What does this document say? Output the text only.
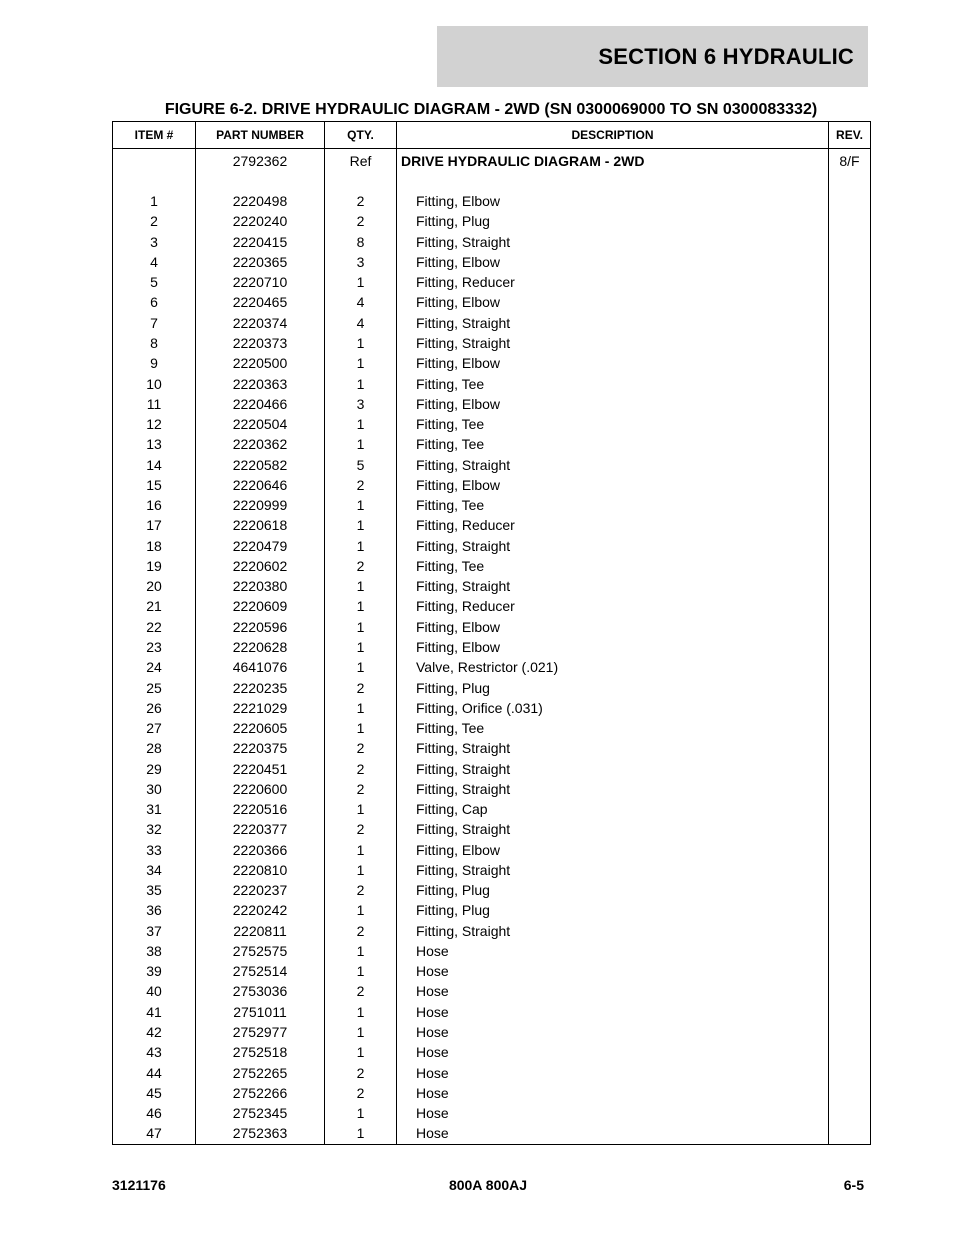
SECTION 6 HYDRAULIC
FIGURE 6-2. DRIVE HYDRAULIC DIAGRAM - 2WD (SN 0300069000 TO SN 0300083332)
ITEM #	PART NUMBER	QTY.	DESCRIPTION	REV.
	2792362	Ref	DRIVE HYDRAULIC DIAGRAM - 2WD	8/F

1	2220498	2	Fitting, Elbow	
2	2220240	2	Fitting, Plug	
3	2220415	8	Fitting, Straight	
4	2220365	3	Fitting, Elbow	
5	2220710	1	Fitting, Reducer	
6	2220465	4	Fitting, Elbow	
7	2220374	4	Fitting, Straight	
8	2220373	1	Fitting, Straight	
9	2220500	1	Fitting, Elbow	
10	2220363	1	Fitting, Tee	
11	2220466	3	Fitting, Elbow	
12	2220504	1	Fitting, Tee	
13	2220362	1	Fitting, Tee	
14	2220582	5	Fitting, Straight	
15	2220646	2	Fitting, Elbow	
16	2220999	1	Fitting, Tee	
17	2220618	1	Fitting, Reducer	
18	2220479	1	Fitting, Straight	
19	2220602	2	Fitting, Tee	
20	2220380	1	Fitting, Straight	
21	2220609	1	Fitting, Reducer	
22	2220596	1	Fitting, Elbow	
23	2220628	1	Fitting, Elbow	
24	4641076	1	Valve, Restrictor (.021)	
25	2220235	2	Fitting, Plug	
26	2221029	1	Fitting, Orifice (.031)	
27	2220605	1	Fitting, Tee	
28	2220375	2	Fitting, Straight	
29	2220451	2	Fitting, Straight	
30	2220600	2	Fitting, Straight	
31	2220516	1	Fitting, Cap	
32	2220377	2	Fitting, Straight	
33	2220366	1	Fitting, Elbow	
34	2220810	1	Fitting, Straight	
35	2220237	2	Fitting, Plug	
36	2220242	1	Fitting, Plug	
37	2220811	2	Fitting, Straight	
38	2752575	1	Hose	
39	2752514	1	Hose	
40	2753036	2	Hose	
41	2751011	1	Hose	
42	2752977	1	Hose	
43	2752518	1	Hose	
44	2752265	2	Hose	
45	2752266	2	Hose	
46	2752345	1	Hose	
47	2752363	1	Hose	
3121176	800A 800AJ	6-5
